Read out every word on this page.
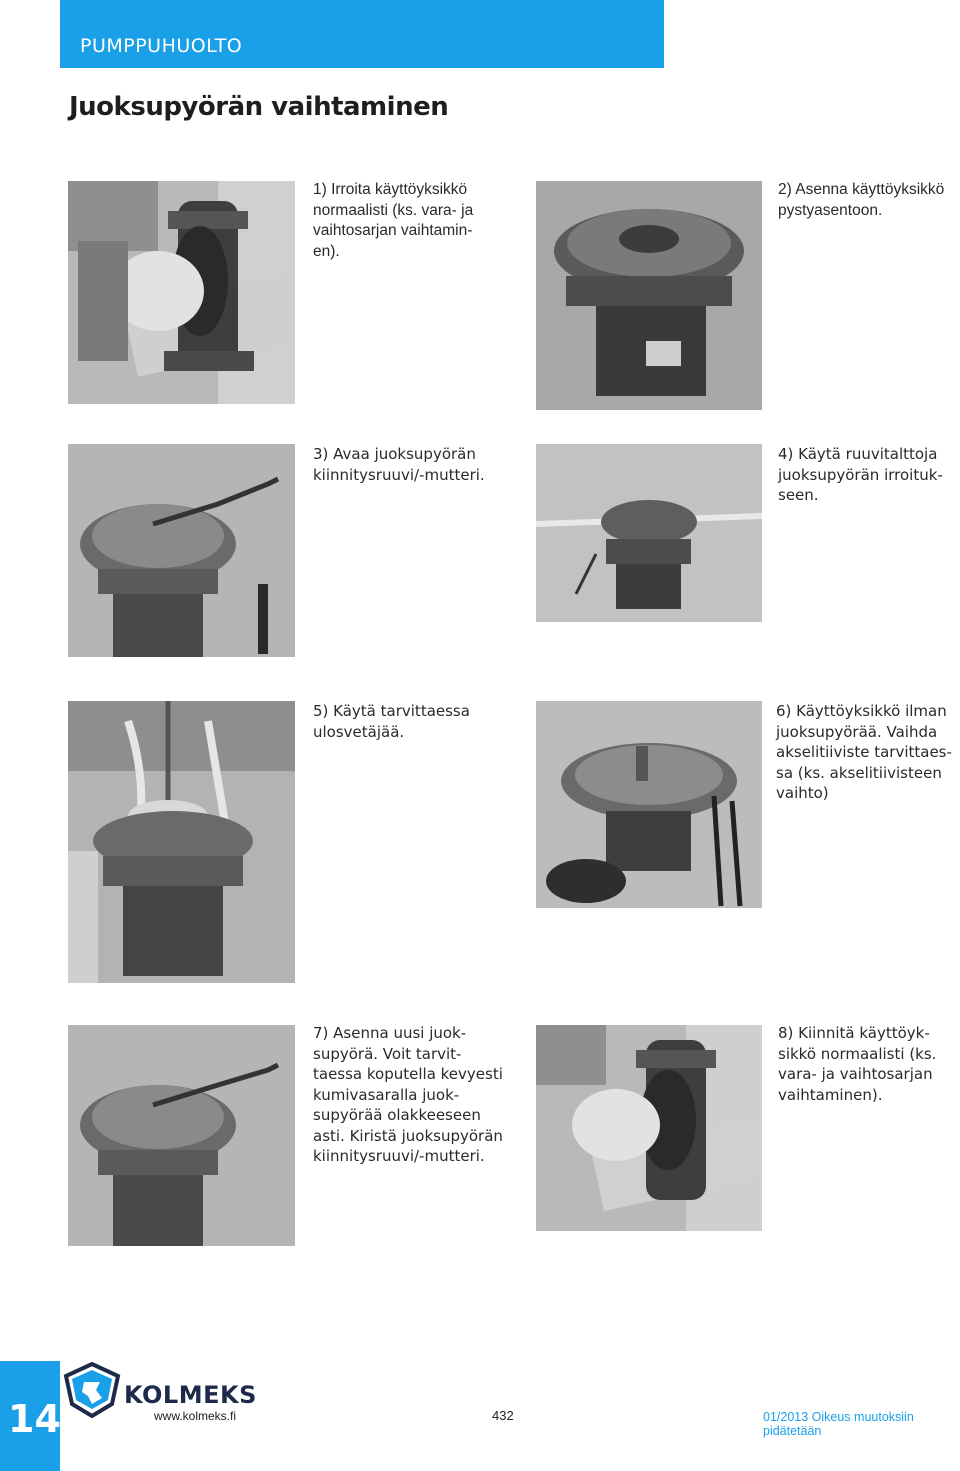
PUMPPUHUOLTO
Juoksupyörän vaihtaminen
1) Irroita käyttöyksikkö
normaalisti (ks. vara- ja
vaihtosarjan vaihtamin-
en).
2) Asenna käyttöyksikkö
pystyasentoon.
3) Avaa juoksupyörän
kiinnitysruuvi/-mutteri.
4) Käytä ruuvitalttoja
juoksupyörän irroituk-
seen.
5) Käytä tarvittaessa
ulosvetäjää.
6) Käyttöyksikkö ilman
juoksupyörää. Vaihda
akselitiiviste tarvittaes-
sa (ks. akselitiivisteen
vaihto)
7) Asenna uusi juok-
supyörä. Voit tarvit-
taessa koputella kevyesti
kumivasaralla juok-
supyörää olakkeeseen
asti. Kiristä juoksupyörän
kiinnitysruuvi/-mutteri.
8) Kiinnitä käyttöyk-
sikkö normaalisti (ks.
vara- ja vaihtosarjan
vaihtaminen).
14
KOLMEKS
www.kolmeks.fi	432	01/2013 Oikeus muutoksiin pidätetään
